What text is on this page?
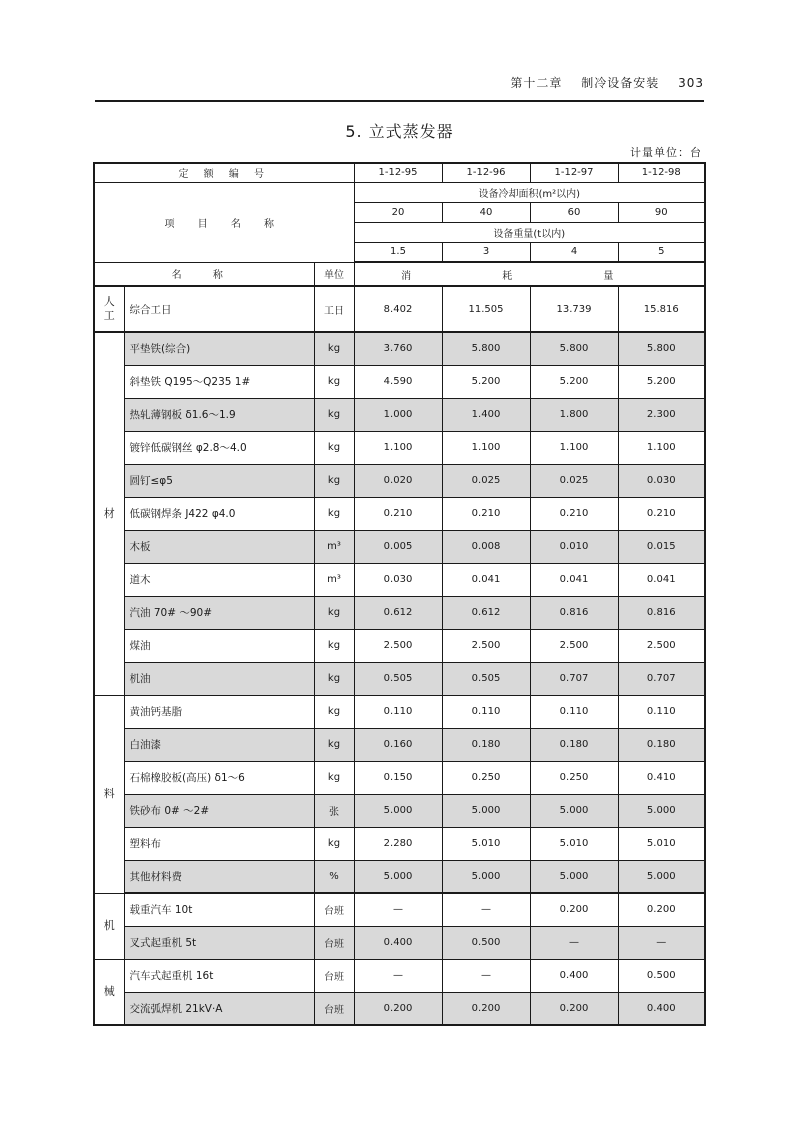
第十二章 制冷设备安装 303
5. 立式蒸发器
计量单位：台
定 额 编 号			1-12-95	1-12-96	1-12-97	1-12-98
项 目 名 称			设备冷却面积(m²以内)			
			20	40	60	90
			设备重量(t以内)			
			1.5	3	4	5
名 称		单位	消 耗 量			
人工	综合工日	工日	8.402	11.505	13.739	15.816
材	平垫铁(综合)	kg	3.760	5.800	5.800	5.800
	斜垫铁 Q195～Q235 1#	kg	4.590	5.200	5.200	5.200
	热轧薄钢板 δ1.6～1.9	kg	1.000	1.400	1.800	2.300
	镀锌低碳钢丝 φ2.8～4.0	kg	1.100	1.100	1.100	1.100
	圆钉≤φ5	kg	0.020	0.025	0.025	0.030
	低碳钢焊条 J422 φ4.0	kg	0.210	0.210	0.210	0.210
	木板	m³	0.005	0.008	0.010	0.015
	道木	m³	0.030	0.041	0.041	0.041
	汽油 70# ～90#	kg	0.612	0.612	0.816	0.816
	煤油	kg	2.500	2.500	2.500	2.500
	机油	kg	0.505	0.505	0.707	0.707
料	黄油钙基脂	kg	0.110	0.110	0.110	0.110
	白油漆	kg	0.160	0.180	0.180	0.180
	石棉橡胶板(高压) δ1～6	kg	0.150	0.250	0.250	0.410
	铁砂布 0# ～2#	张	5.000	5.000	5.000	5.000
	塑料布	kg	2.280	5.010	5.010	5.010
	其他材料费	%	5.000	5.000	5.000	5.000
机	载重汽车 10t	台班	—	—	0.200	0.200
	叉式起重机 5t	台班	0.400	0.500	—	—
械	汽车式起重机 16t	台班	—	—	0.400	0.500
	交流弧焊机 21kV·A	台班	0.200	0.200	0.200	0.400
